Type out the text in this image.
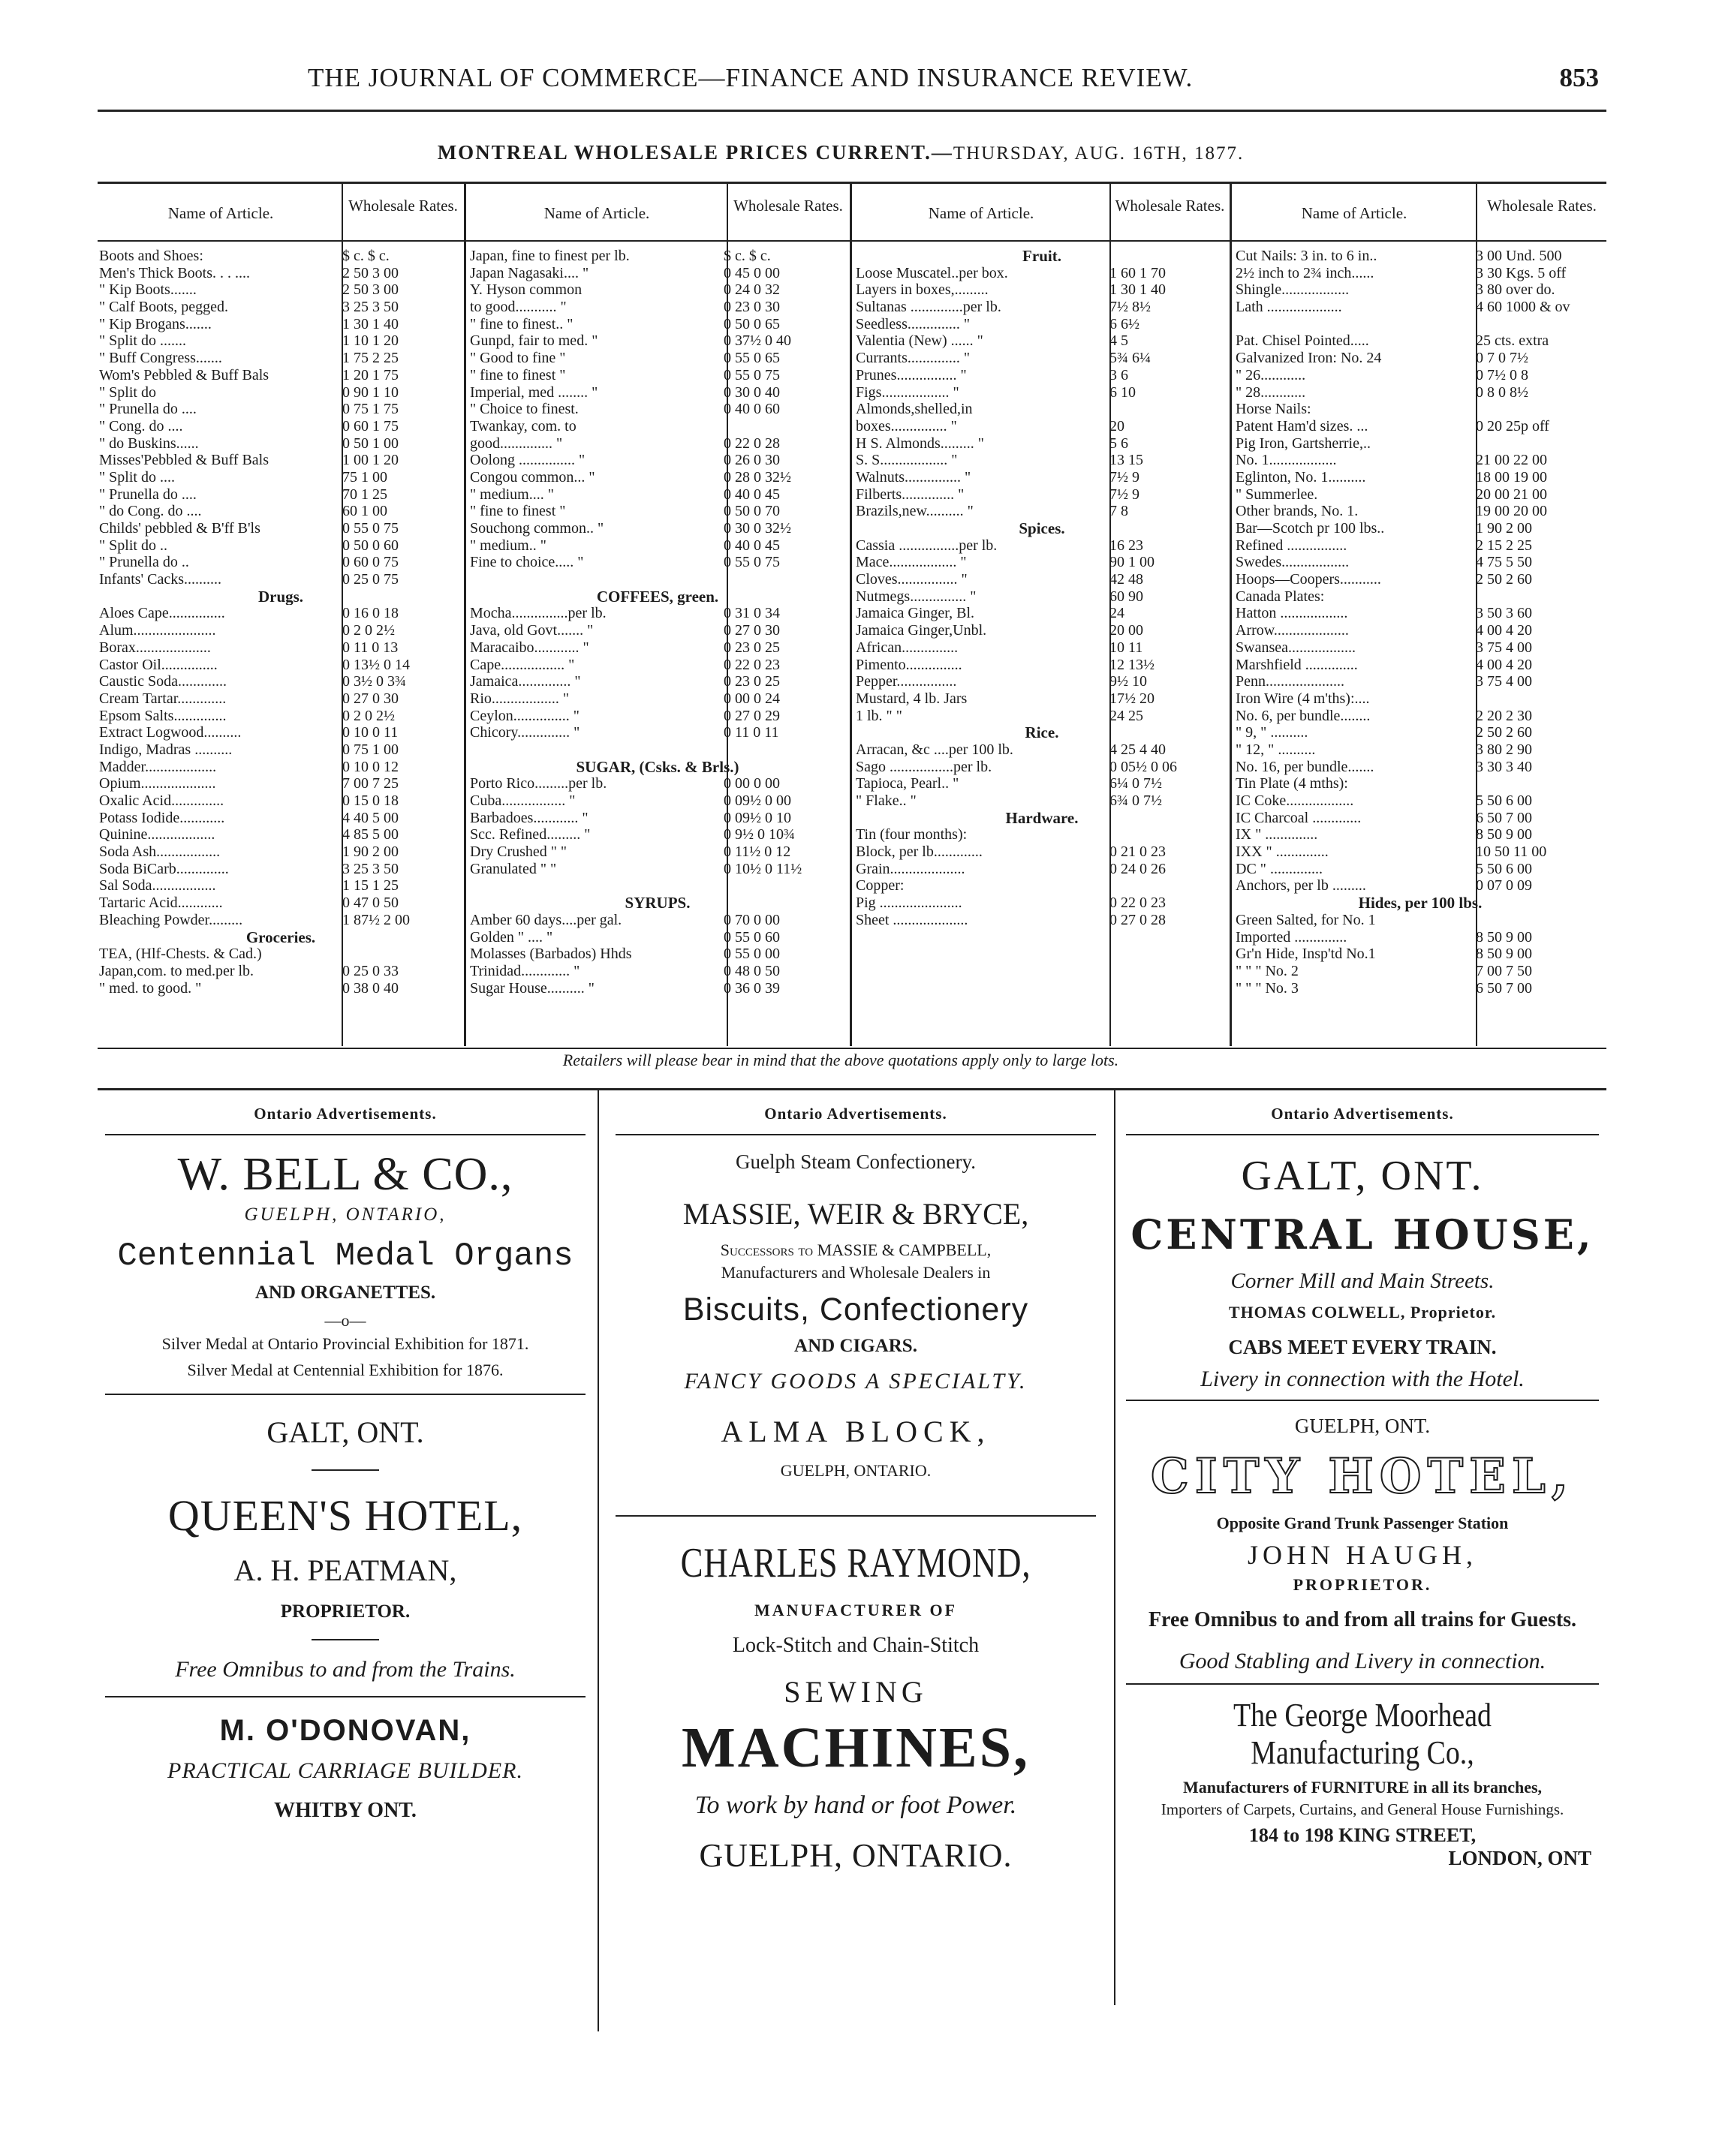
THE JOURNAL OF COMMERCE—FINANCE AND INSURANCE REVIEW.	853
MONTREAL WHOLESALE PRICES CURRENT.—THURSDAY, AUG. 16TH, 1877.
Name of Article.	Wholesale Rates.	Name of Article.	Wholesale Rates.	Name of Article.	Wholesale Rates.	Name of Article.	Wholesale Rates.
Boots and Shoes:	$ c. $ c.
Men's Thick Boots. . . ....	2 50 3 00
" Kip Boots.......	2 50 3 00
" Calf Boots, pegged.	3 25 3 50
" Kip Brogans.......	1 30 1 40
" Split do .......	1 10 1 20
" Buff Congress.......	1 75 2 25
Wom's Pebbled & Buff Bals	1 20 1 75
" Split do	0 90 1 10
" Prunella do ....	0 75 1 75
" Cong. do ....	0 60 1 75
" do Buskins......	0 50 1 00
Misses'Pebbled & Buff Bals	1 00 1 20
" Split do ....	75 1 00
" Prunella do ....	70 1 25
" do Cong. do ....	60 1 00
Childs' pebbled & B'ff B'ls	0 55 0 75
" Split do ..	0 50 0 60
" Prunella do ..	0 60 0 75
Infants' Cacks..........	0 25 0 75
Drugs.
Aloes Cape...............	0 16 0 18
Alum......................	0 2 0 2½
Borax....................	0 11 0 13
Castor Oil...............	0 13½ 0 14
Caustic Soda.............	0 3½ 0 3¾
Cream Tartar.............	0 27 0 30
Epsom Salts..............	0 2 0 2½
Extract Logwood..........	0 10 0 11
Indigo, Madras ..........	0 75 1 00
Madder...................	0 10 0 12
Opium....................	7 00 7 25
Oxalic Acid..............	0 15 0 18
Potass Iodide............	4 40 5 00
Quinine..................	4 85 5 00
Soda Ash.................	1 90 2 00
Soda BiCarb..............	3 25 3 50
Sal Soda.................	1 15 1 25
Tartaric Acid............	0 47 0 50
Bleaching Powder.........	1 87½ 2 00
Groceries.
TEA, (Hlf-Chests. & Cad.)
Japan,com. to med.per lb.	0 25 0 33
" med. to good. "	0 38 0 40
Japan, fine to finest per lb.	$ c. $ c.
Japan Nagasaki.... "	0 45 0 00
Y. Hyson common	0 24 0 32
to good........... "	0 23 0 30
" fine to finest.. "	0 50 0 65
Gunpd, fair to med. "	0 37½ 0 40
" Good to fine "	0 55 0 65
" fine to finest "	0 55 0 75
Imperial, med ........ "	0 30 0 40
" Choice to finest.	0 40 0 60
Twankay, com. to
good.............. "	0 22 0 28
Oolong ............... "	0 26 0 30
Congou common... "	0 28 0 32½
" medium.... "	0 40 0 45
" fine to finest "	0 50 0 70
Souchong common.. "	0 30 0 32½
" medium.. "	0 40 0 45
Fine to choice..... "	0 55 0 75
COFFEES, green.
Mocha...............per lb.	0 31 0 34
Java, old Govt....... "	0 27 0 30
Maracaibo............ "	0 23 0 25
Cape................. "	0 22 0 23
Jamaica.............. "	0 23 0 25
Rio.................. "	0 00 0 24
Ceylon............... "	0 27 0 29
Chicory.............. "	0 11 0 11
SUGAR, (Csks. & Brls.)
Porto Rico.........per lb.	0 00 0 00
Cuba................. "	0 09½ 0 00
Barbadoes............ "	0 09½ 0 10
Scc. Refined......... "	0 9½ 0 10¾
Dry Crushed " "	0 11½ 0 12
Granulated " "	0 10½ 0 11½
SYRUPS.
Amber 60 days....per gal.	0 70 0 00
Golden " .... "	0 55 0 60
Molasses (Barbados) Hhds	0 55 0 00
Trinidad............. "	0 48 0 50
Sugar House.......... "	0 36 0 39
Fruit.
Loose Muscatel..per box.	1 60 1 70
Layers in boxes,.........	1 30 1 40
Sultanas ..............per lb.	7½ 8½
Seedless.............. "	6 6½
Valentia (New) ...... "	4 5
Currants.............. "	5¾ 6¼
Prunes................ "	3 6
Figs.................. "	6 10
Almonds,shelled,in
boxes............... "	20
H S. Almonds......... "	5 6
S. S.................. "	13 15
Walnuts............... "	7½ 9
Filberts.............. "	7½ 9
Brazils,new.......... "	7 8
Spices.
Cassia ................per lb.	16 23
Mace.................. "	90 1 00
Cloves................ "	42 48
Nutmegs............... "	60 90
Jamaica Ginger, Bl.	24
Jamaica Ginger,Unbl.	20 00
African...............	10 11
Pimento...............	12 13½
Pepper................	9½ 10
Mustard, 4 lb. Jars	17½ 20
1 lb. " "	24 25
Rice.
Arracan, &c ....per 100 lb.	4 25 4 40
Sago .................per lb.	0 05½ 0 06
Tapioca, Pearl.. "	6¼ 0 7½
" Flake.. "	6¾ 0 7½
Hardware.
Tin (four months):
Block, per lb.............	0 21 0 23
Grain....................	0 24 0 26
Copper:
Pig ......................	0 22 0 23
Sheet ....................	0 27 0 28
Cut Nails: 3 in. to 6 in..	3 00 Und. 500
2½ inch to 2¾ inch......	3 30 Kgs. 5 off
Shingle..................	3 80 over do.
Lath ....................	4 60 1000 & ov
Pat. Chisel Pointed.....	25 cts. extra
Galvanized Iron: No. 24	0 7 0 7½
" 26............	0 7½ 0 8
" 28............	0 8 0 8½
Horse Nails:
Patent Ham'd sizes. ...	0 20 25p off
Pig Iron, Gartsherrie,..
No. 1..................	21 00 22 00
Eglinton, No. 1..........	18 00 19 00
" Summerlee.	20 00 21 00
Other brands, No. 1.	19 00 20 00
Bar—Scotch pr 100 lbs..	1 90 2 00
Refined ................	2 15 2 25
Swedes..................	4 75 5 50
Hoops—Coopers...........	2 50 2 60
Canada Plates:
Hatton ..................	3 50 3 60
Arrow....................	4 00 4 20
Swansea..................	3 75 4 00
Marshfield ..............	4 00 4 20
Penn.....................	3 75 4 00
Iron Wire (4 m'ths):....
No. 6, per bundle........	2 20 2 30
" 9, " ..........	2 50 2 60
" 12, " ..........	3 80 2 90
No. 16, per bundle.......	3 30 3 40
Tin Plate (4 mths):
IC Coke..................	5 50 6 00
IC Charcoal .............	6 50 7 00
IX " ..............	8 50 9 00
IXX " ..............	10 50 11 00
DC " ..............	5 50 6 00
Anchors, per lb .........	0 07 0 09
Hides, per 100 lbs.
Green Salted, for No. 1
Imported ..............	8 50 9 00
Gr'n Hide, Insp'td No.1	8 50 9 00
" " " No. 2	7 00 7 50
" " " No. 3	6 50 7 00
Retailers will please bear in mind that the above quotations apply only to large lots.
Ontario Advertisements.
W. BELL & CO.,
GUELPH, ONTARIO,
Centennial Medal Organs
AND ORGANETTES.
—o—
Silver Medal at Ontario Provincial Exhibition for 1871.
Silver Medal at Centennial Exhibition for 1876.
GALT, ONT.
QUEEN'S HOTEL,
A. H. PEATMAN,
PROPRIETOR.
Free Omnibus to and from the Trains.
M. O'DONOVAN,
PRACTICAL CARRIAGE BUILDER.
WHITBY ONT.
Ontario Advertisements.
Guelph Steam Confectionery.
MASSIE, WEIR & BRYCE,
Successors to MASSIE & CAMPBELL,
Manufacturers and Wholesale Dealers in
Biscuits, Confectionery
AND CIGARS.
FANCY GOODS A SPECIALTY.
ALMA BLOCK,
GUELPH, ONTARIO.
CHARLES RAYMOND,
MANUFACTURER OF
Lock-Stitch and Chain-Stitch
SEWING
MACHINES,
To work by hand or foot Power.
GUELPH, ONTARIO.
Ontario Advertisements.
GALT, ONT.
CENTRAL HOUSE,
Corner Mill and Main Streets.
THOMAS COLWELL, Proprietor.
CABS MEET EVERY TRAIN.
Livery in connection with the Hotel.
GUELPH, ONT.
CITY HOTEL,
Opposite Grand Trunk Passenger Station
JOHN HAUGH,
PROPRIETOR.
Free Omnibus to and from all trains for Guests.
Good Stabling and Livery in connection.
The George Moorhead Manufacturing Co.,
Manufacturers of FURNITURE in all its branches,
Importers of Carpets, Curtains, and General House Furnishings.
184 to 198 KING STREET,
LONDON, ONT
